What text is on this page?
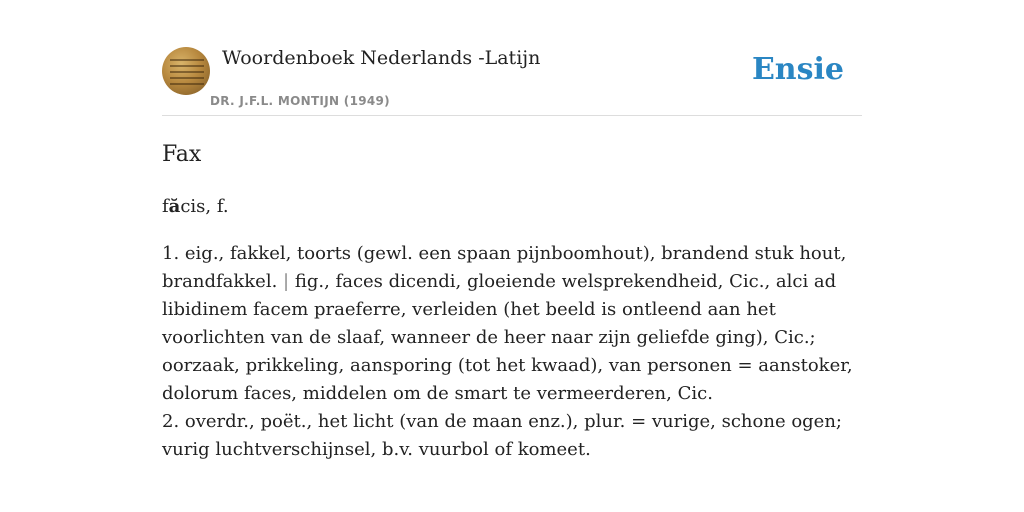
Woordenboek Nederlands -Latijn
DR. J.F.L. MONTIJN (1949)
Ensie
Fax
făcis, f.

1. eig., fakkel, toorts (gewl. een spaan pijnboomhout), brandend stuk hout, brandfakkel. | fig., faces dicendi, gloeiende welsprekendheid, Cic., alci ad libidinem facem praeferre, verleiden (het beeld is ontleend aan het voorlichten van de slaaf, wanneer de heer naar zijn geliefde ging), Cic.; oorzaak, prikkeling, aansporing (tot het kwaad), van personen = aanstoker, dolorum faces, middelen om de smart te vermeerderen, Cic.

2. overdr., poët., het licht (van de maan enz.), plur. = vurige, schone ogen; vurig luchtverschijnsel, b.v. vuurbol of komeet.
